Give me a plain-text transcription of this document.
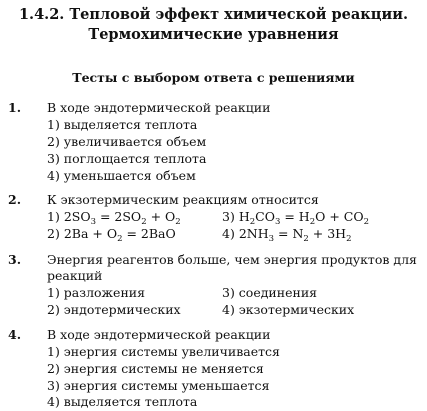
1.4.2. Тепловой эффект химической реакции.
Термохимические уравнения
Тесты с выбором ответа с решениями
1. В ходе эндотермической реакции
1) выделяется теплота
2) увеличивается объем
3) поглощается теплота
4) уменьшается объем
2. К экзотермическим реакциям относится
1) $2SO_3 = 2SO_2 + O_2$	3) $H_2CO_3 = H_2O + CO_2$
2) $2Ba + O_2 = 2BaO$	4) $2NH_3 = N_2 + 3H_2$
3. Энергия реагентов больше, чем энергия продуктов для
реакций
1) разложения	3) соединения
2) эндотермических	4) экзотермических
4. В ходе эндотермической реакции
1) энергия системы увеличивается
2) энергия системы не меняется
3) энергия системы уменьшается
4) выделяется теплота
